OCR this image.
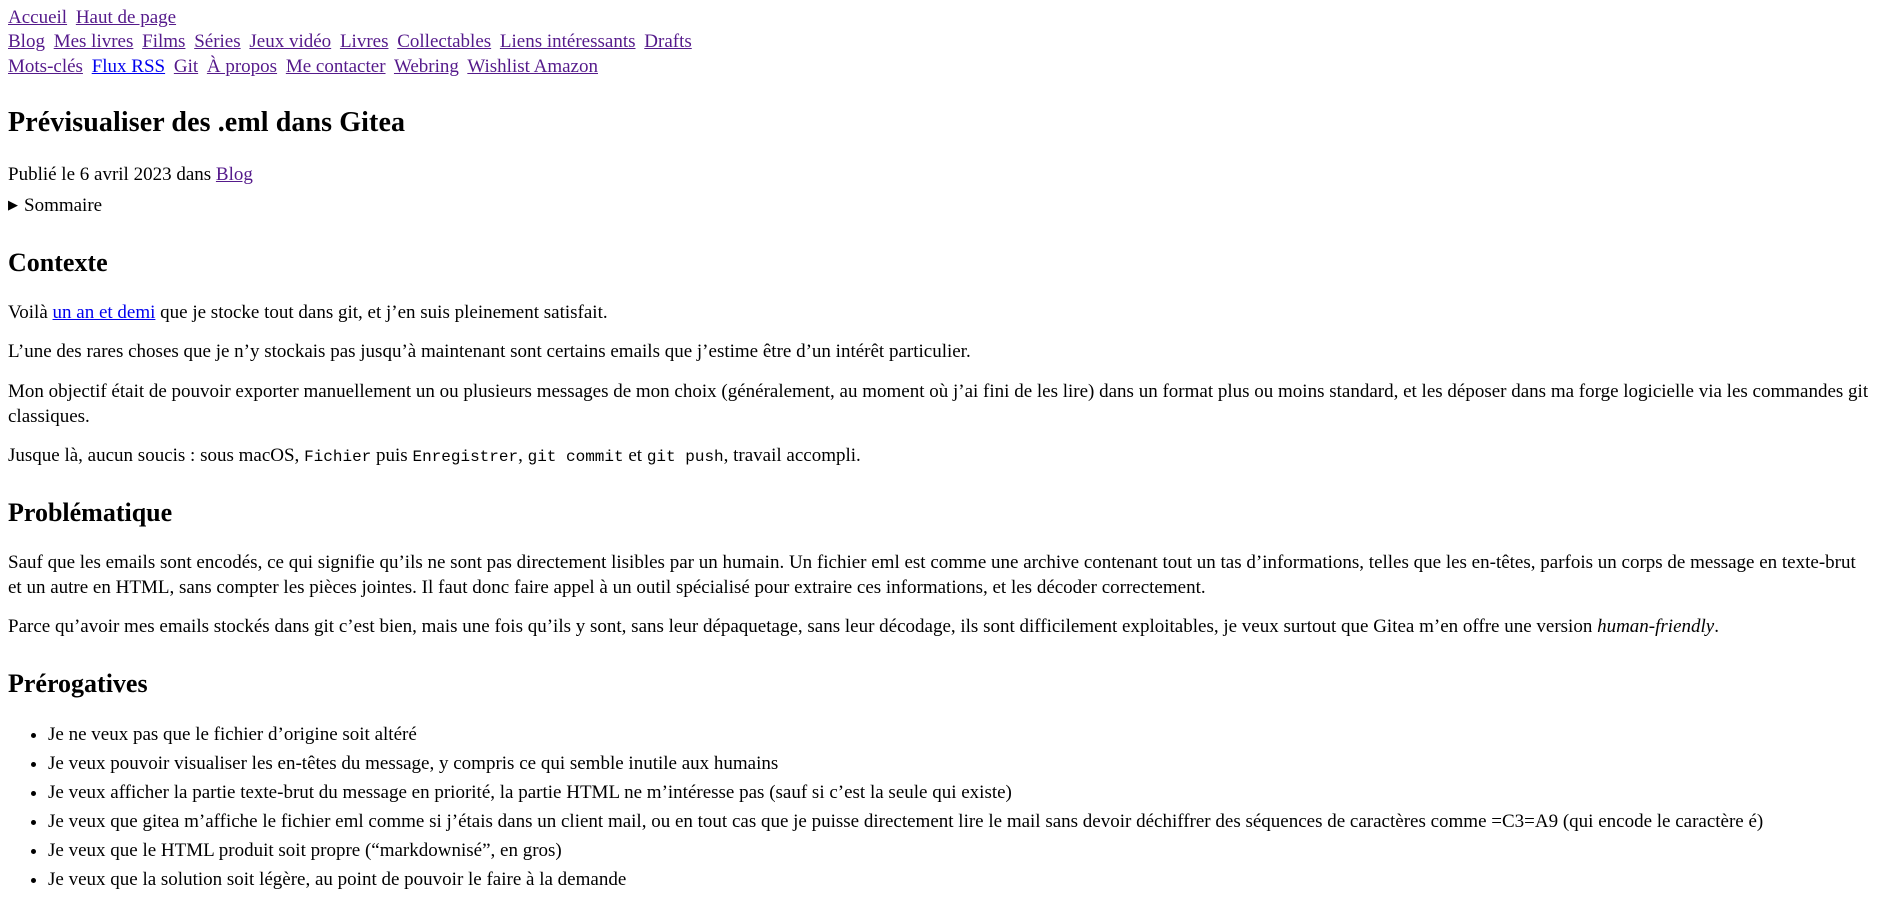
Accueil Haut de page
Blog Mes livres Films Séries Jeux vidéo Livres Collectables Liens intéressants Drafts
Mots-clés Flux RSS Git À propos Me contacter Webring Wishlist Amazon
Prévisualiser des .eml dans Gitea

Publié le 6 avril 2023 dans Blog

▶ Sommaire
Contexte

Voilà un an et demi que je stocke tout dans git, et j’en suis pleinement satisfait.

L’une des rares choses que je n’y stockais pas jusqu’à maintenant sont certains emails que j’estime être d’un intérêt particulier.

Mon objectif était de pouvoir exporter manuellement un ou plusieurs messages de mon choix (généralement, au moment où j’ai fini de les lire) dans un format plus ou moins standard, et les déposer dans ma forge logicielle via les commandes git classiques.

Jusque là, aucun soucis : sous macOS, Fichier puis Enregistrer, git commit et git push, travail accompli.

Problématique

Sauf que les emails sont encodés, ce qui signifie qu’ils ne sont pas directement lisibles par un humain. Un fichier eml est comme une archive contenant tout un tas d’informations, telles que les en-têtes, parfois un corps de message en texte-brut et un autre en HTML, sans compter les pièces jointes. Il faut donc faire appel à un outil spécialisé pour extraire ces informations, et les décoder correctement.

Parce qu’avoir mes emails stockés dans git c’est bien, mais une fois qu’ils y sont, sans leur dépaquetage, sans leur décodage, ils sont difficilement exploitables, je veux surtout que Gitea m’en offre une version human-friendly.

Prérogatives
• Je ne veux pas que le fichier d’origine soit altéré
• Je veux pouvoir visualiser les en-têtes du message, y compris ce qui semble inutile aux humains
• Je veux afficher la partie texte-brut du message en priorité, la partie HTML ne m’intéresse pas (sauf si c’est la seule qui existe)
• Je veux que gitea m’affiche le fichier eml comme si j’étais dans un client mail, ou en tout cas que je puisse directement lire le mail sans devoir déchiffrer des séquences de caractères comme =C3=A9 (qui encode le caractère é)
• Je veux que le HTML produit soit propre (“markdownisé”, en gros)
• Je veux que la solution soit légère, au point de pouvoir le faire à la demande
